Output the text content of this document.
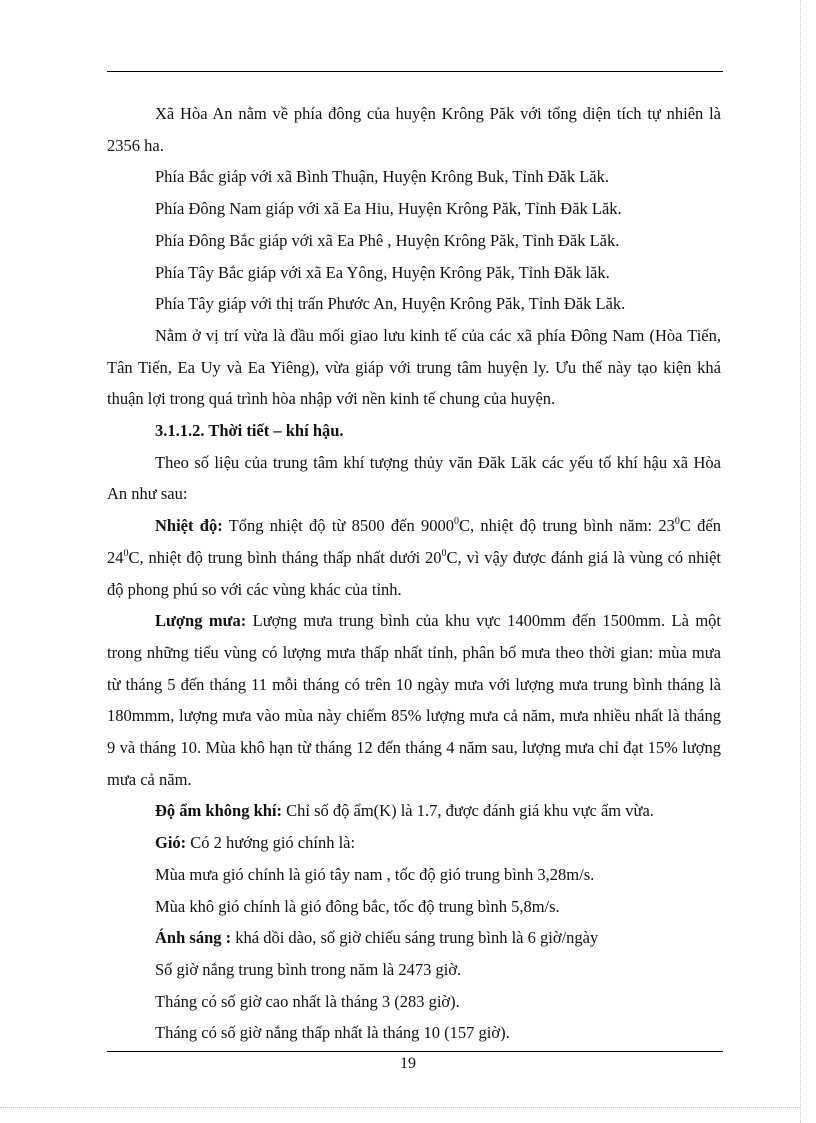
Xã Hòa An nằm về phía đông của huyện Krông Păk với tổng diện tích tự nhiên là 2356 ha.

Phía Bắc giáp với xã Bình Thuận, Huyện Krông Buk, Tỉnh Đăk Lăk.

Phía Đông Nam giáp với xã Ea Hiu, Huyện Krông Păk, Tỉnh Đăk Lăk.

Phía Đông Bắc giáp với xã Ea Phê , Huyện Krông Păk, Tỉnh Đăk Lăk.

Phía Tây Bắc giáp với xã Ea Yông, Huyện Krông Păk, Tỉnh Đăk lăk.

Phía Tây giáp với thị trấn Phước An, Huyện Krông Păk, Tỉnh Đăk Lăk.

Nằm ở vị trí vừa là đầu mối giao lưu kinh tế của các xã phía Đông Nam (Hòa Tiến, Tân Tiến, Ea Uy và Ea Yiêng), vừa giáp với trung tâm huyện ly. Ưu thế này tạo kiện khá thuận lợi trong quá trình hòa nhập với nền kinh tế chung của huyện.

3.1.1.2. Thời tiết – khí hậu.

Theo số liệu của trung tâm khí tượng thủy văn Đăk Lăk các yếu tố khí hậu xã Hòa An như sau:

Nhiệt độ: Tổng nhiệt độ từ 8500 đến 9000$^0$C, nhiệt độ trung bình năm: $23^0C$ đến $24^0C$, nhiệt độ trung bình tháng thấp nhất dưới $20^0C$, vì vậy được đánh giá là vùng có nhiệt độ phong phú so với các vùng khác của tỉnh.

Lượng mưa: Lượng mưa trung bình của khu vực 1400mm đến 1500mm. Là một trong những tiểu vùng có lượng mưa thấp nhất tỉnh, phân bố mưa theo thời gian: mùa mưa từ tháng 5 đến tháng 11 mỗi tháng có trên 10 ngày mưa với lượng mưa trung bình tháng là 180mmm, lượng mưa vào mùa này chiếm 85% lượng mưa cả năm, mưa nhiều nhất là tháng 9 và tháng 10. Mùa khô hạn từ tháng 12 đến tháng 4 năm sau, lượng mưa chỉ đạt 15% lượng mưa cả năm.

Độ ẩm không khí: Chỉ số độ ẩm(K) là 1.7, được đánh giá khu vực ẩm vừa.

Gió: Có 2 hướng gió chính là:

Mùa mưa gió chính là gió tây nam , tốc độ gió trung bình 3,28m/s.

Mùa khô gió chính là gió đông bắc, tốc độ trung bình 5,8m/s.

Ánh sáng : khá dồi dào, số giờ chiếu sáng trung bình là 6 giờ/ngày

Số giờ nắng trung bình trong năm là 2473 giờ.

Tháng có số giờ cao nhất là tháng 3 (283 giờ).

Tháng có số giờ nắng thấp nhất là tháng 10 (157 giờ).

19
